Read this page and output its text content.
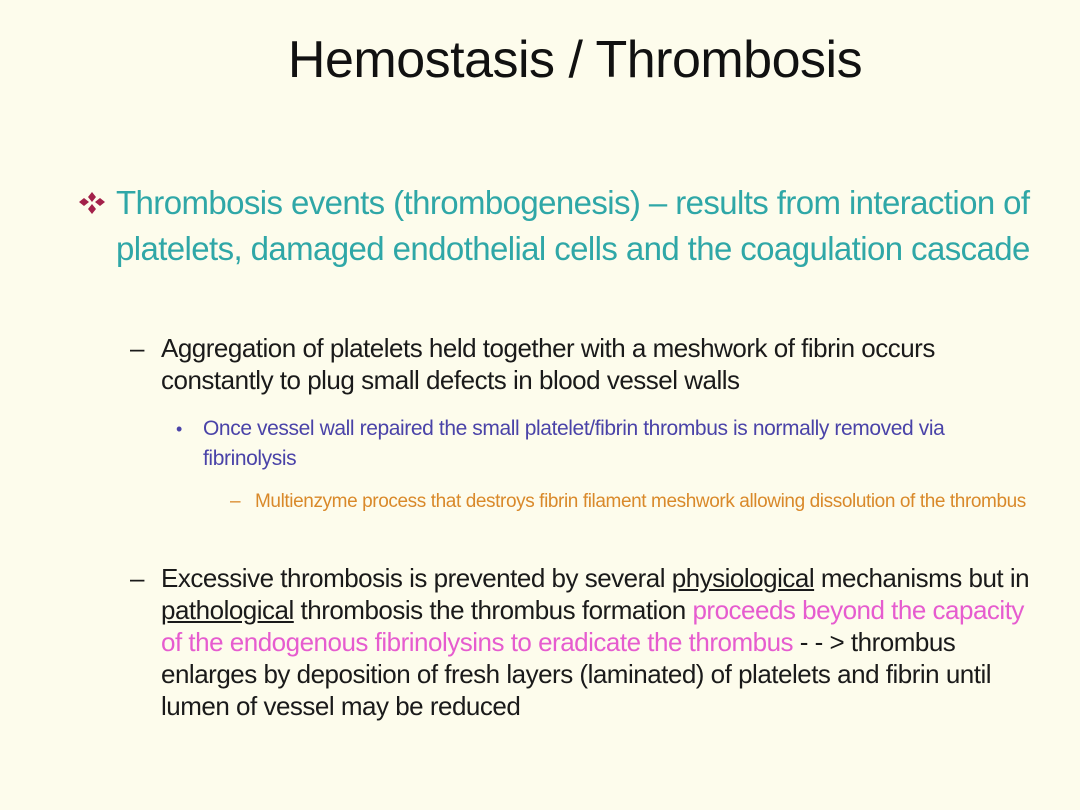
Hemostasis / Thrombosis
Thrombosis events (thrombogenesis) – results from interaction of platelets, damaged endothelial cells and the coagulation cascade
– Aggregation of platelets held together with a meshwork of fibrin occurs constantly to plug small defects in blood vessel walls
• Once vessel wall repaired the small platelet/fibrin thrombus is normally removed via fibrinolysis
– Multienzyme process that destroys fibrin filament meshwork allowing dissolution of the thrombus
– Excessive thrombosis is prevented by several physiological mechanisms but in pathological thrombosis the thrombus formation proceeds beyond the capacity of the endogenous fibrinolysins to eradicate the thrombus - - > thrombus enlarges by deposition of fresh layers (laminated) of platelets and fibrin until lumen of vessel may be reduced
